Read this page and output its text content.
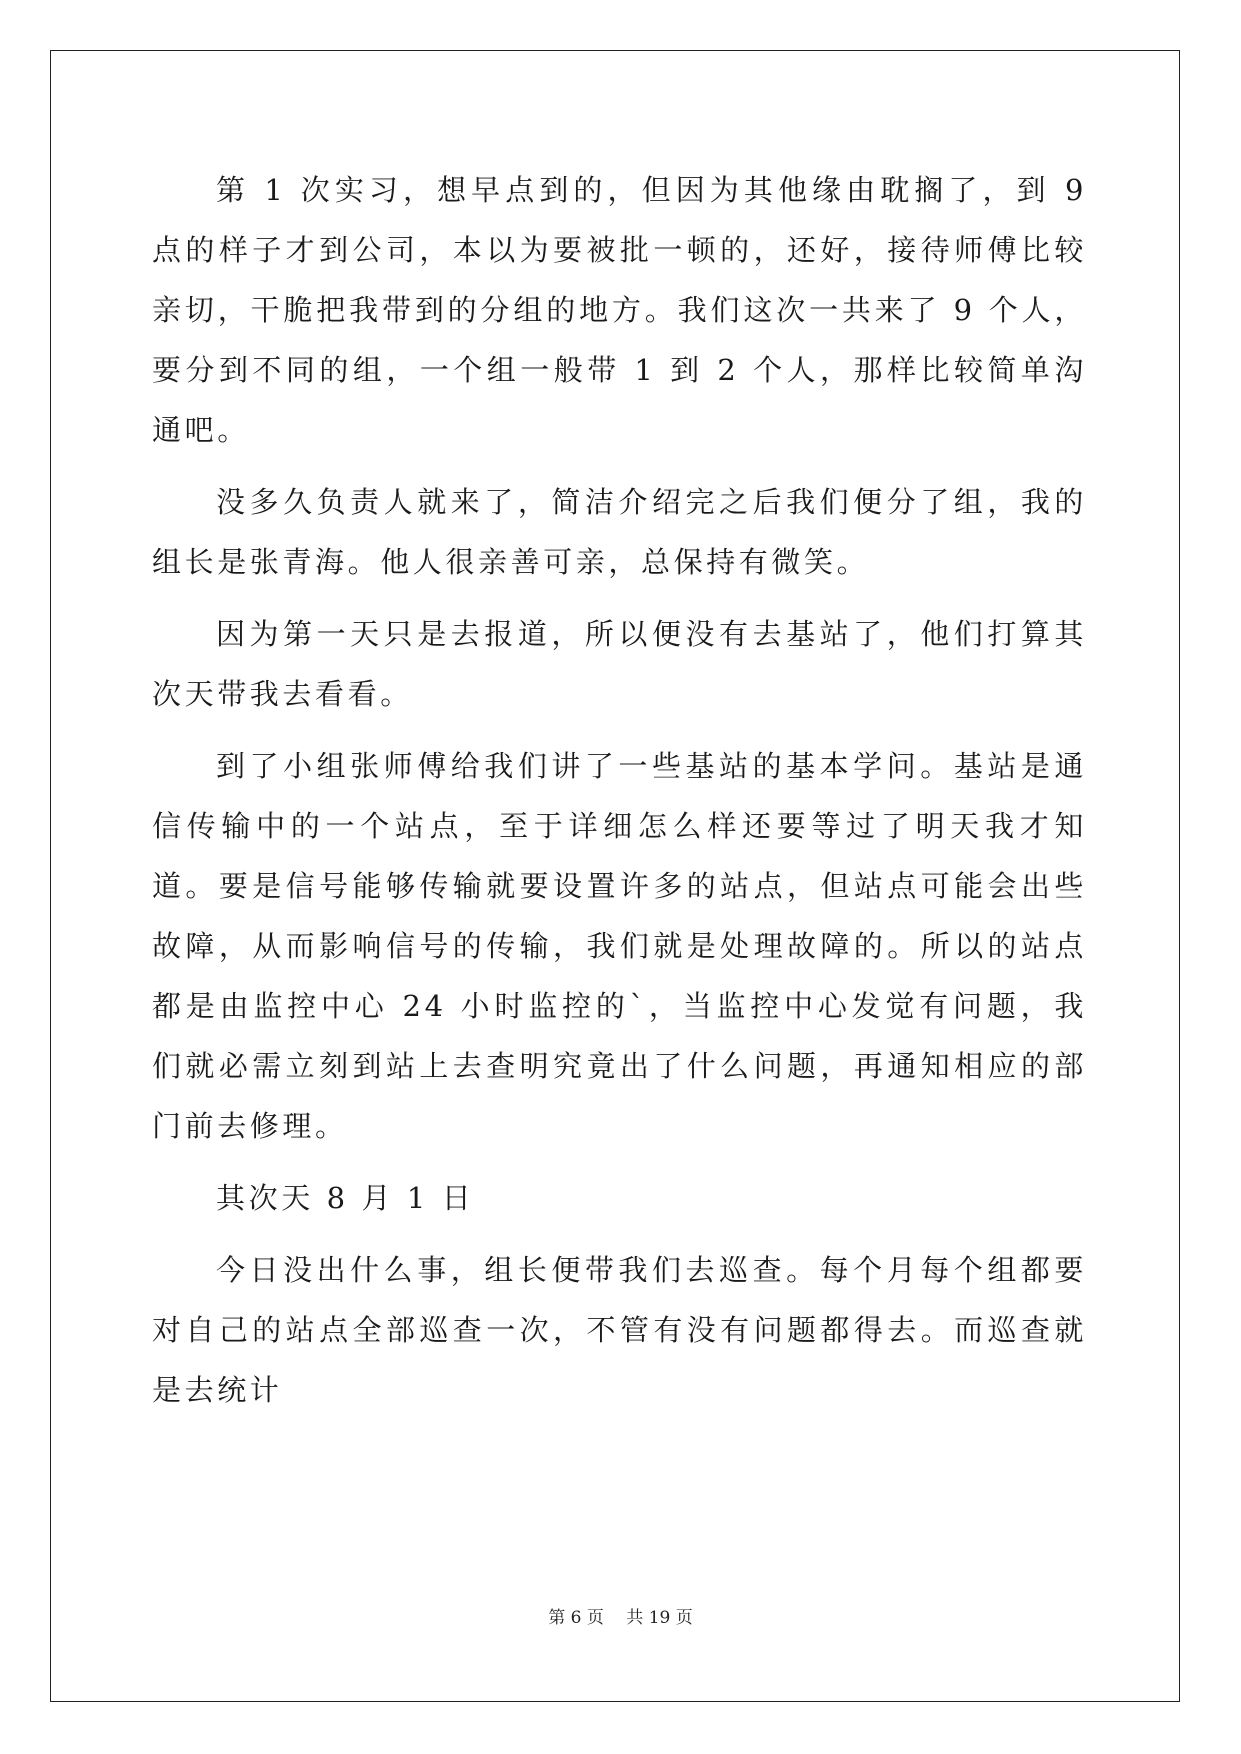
第 1 次实习，想早点到的，但因为其他缘由耽搁了，到 9 点的样子才到公司，本以为要被批一顿的，还好，接待师傅比较亲切，干脆把我带到的分组的地方。我们这次一共来了 9 个人，要分到不同的组，一个组一般带 1 到 2 个人，那样比较简单沟通吧。

没多久负责人就来了，简洁介绍完之后我们便分了组，我的组长是张青海。他人很亲善可亲，总保持有微笑。

因为第一天只是去报道，所以便没有去基站了，他们打算其次天带我去看看。

到了小组张师傅给我们讲了一些基站的基本学问。基站是通信传输中的一个站点，至于详细怎么样还要等过了明天我才知道。要是信号能够传输就要设置许多的站点，但站点可能会出些故障，从而影响信号的传输，我们就是处理故障的。所以的站点都是由监控中心 24 小时监控的`，当监控中心发觉有问题，我们就必需立刻到站上去查明究竟出了什么问题，再通知相应的部门前去修理。

其次天 8 月 1 日

今日没出什么事，组长便带我们去巡查。每个月每个组都要对自己的站点全部巡查一次，不管有没有问题都得去。而巡查就是去统计

第 6 页　 共 19 页
